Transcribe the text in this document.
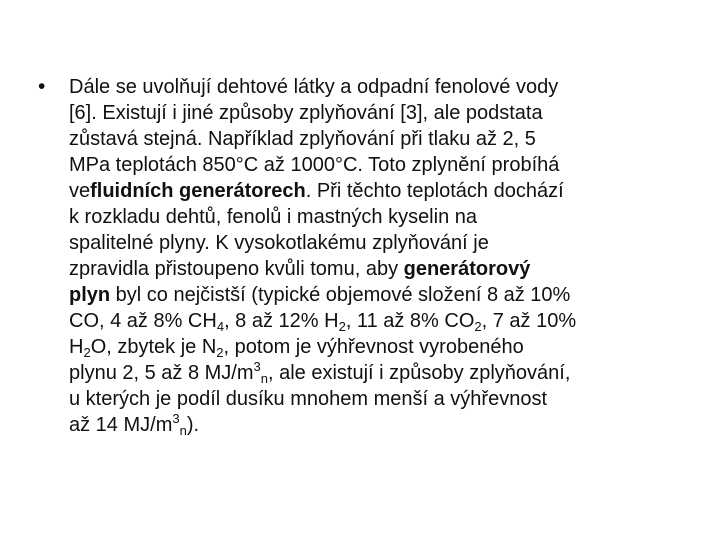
• Dále se uvolňují dehtové látky a odpadní fenolové vody
[6]. Existují i jiné způsoby zplyňování [3], ale podstata
zůstavá stejná. Například zplyňování při tlaku až 2, 5
MPa teplotách 850°C až 1000°C. Toto zplynění probíhá
vefluidních generátorech. Při těchto teplotách dochází
k rozkladu dehtů, fenolů i mastných kyselin na
spalitelné plyny. K vysokotlakému zplyňování je
zpravidla přistoupeno kvůli tomu, aby generátorový
plyn byl co nejčistší (typické objemové složení 8 až 10%
CO, 4 až 8% $CH_4$, 8 až 12% $H_2$, 11 až 8% $CO_2$, 7 až 10%
$H_2O$, zbytek je $N_2$, potom je výhřevnost vyrobeného
plynu 2, 5 až 8 $MJ/m^3_n$, ale existují i způsoby zplyňování,
u kterých je podíl dusíku mnohem menší a výhřevnost
až 14 $MJ/m^3_n$).
